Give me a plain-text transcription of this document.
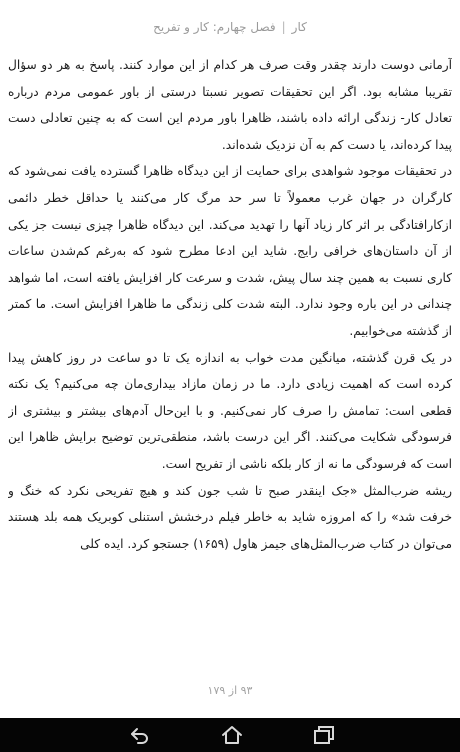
کار|فصل چهارم: کار و تفریح

آرمانی دوست دارند چقدر وقت صرف هر کدام از این موارد کنند. پاسخ به هر دو سؤال تقریبا مشابه بود. اگر این تحقیقات تصویر نسبتا درستی از باور عمومی مردم درباره تعادل کار- زندگی ارائه داده باشند، ظاهرا باور مردم این است که به چنین تعادلی دست پیدا کرده‌اند، یا دست کم به آن نزدیک شده‌اند.

در تحقیقات موجود شواهدی برای حمایت از این دیدگاه ظاهرا گسترده یافت نمی‌شود که کارگران در جهان غرب معمولاً تا سر حد مرگ کار می‌کنند یا حداقل خطر دائمی ازکارافتادگی بر اثر کار زیاد آنها را تهدید می‌کند. این دیدگاه ظاهرا چیزی نیست جز یکی از آن داستان‌های خرافی رایج. شاید این ادعا مطرح شود که به‌رغم کم‌شدن ساعات کاری نسبت به همین چند سال پیش، شدت و سرعت کار افزایش یافته است، اما شواهد چندانی در این باره وجود ندارد. البته شدت کلی زندگی ما ظاهرا افزایش است. ما کمتر از گذشته می‌خوابیم.

در یک قرن گذشته، میانگین مدت خواب به اندازه یک تا دو ساعت در روز کاهش پیدا کرده است که اهمیت زیادی دارد. ما در زمان مازاد بیداری‌مان چه می‌کنیم؟ یک نکته قطعی است: تمامش را صرف کار نمی‌کنیم. و با این‌حال آدم‌های بیشتر و بیشتری از فرسودگی شکایت می‌کنند. اگر این درست باشد، منطقی‌ترین توضیح برایش ظاهرا این است که فرسودگی ما نه از کار بلکه ناشی از تفریح است.

ریشه ضرب‌المثل «جک اینقدر صبح تا شب جون کند و هیچ تفریحی نکرد که خنگ و خرفت شد» را که امروزه شاید به خاطر فیلم درخشش استنلی کوبریک همه بلد هستند می‌توان در کتاب ضرب‌المثل‌های جیمز هاول (۱۶۵۹) جستجو کرد. ایده کلی

۹۳ از ۱۷۹
